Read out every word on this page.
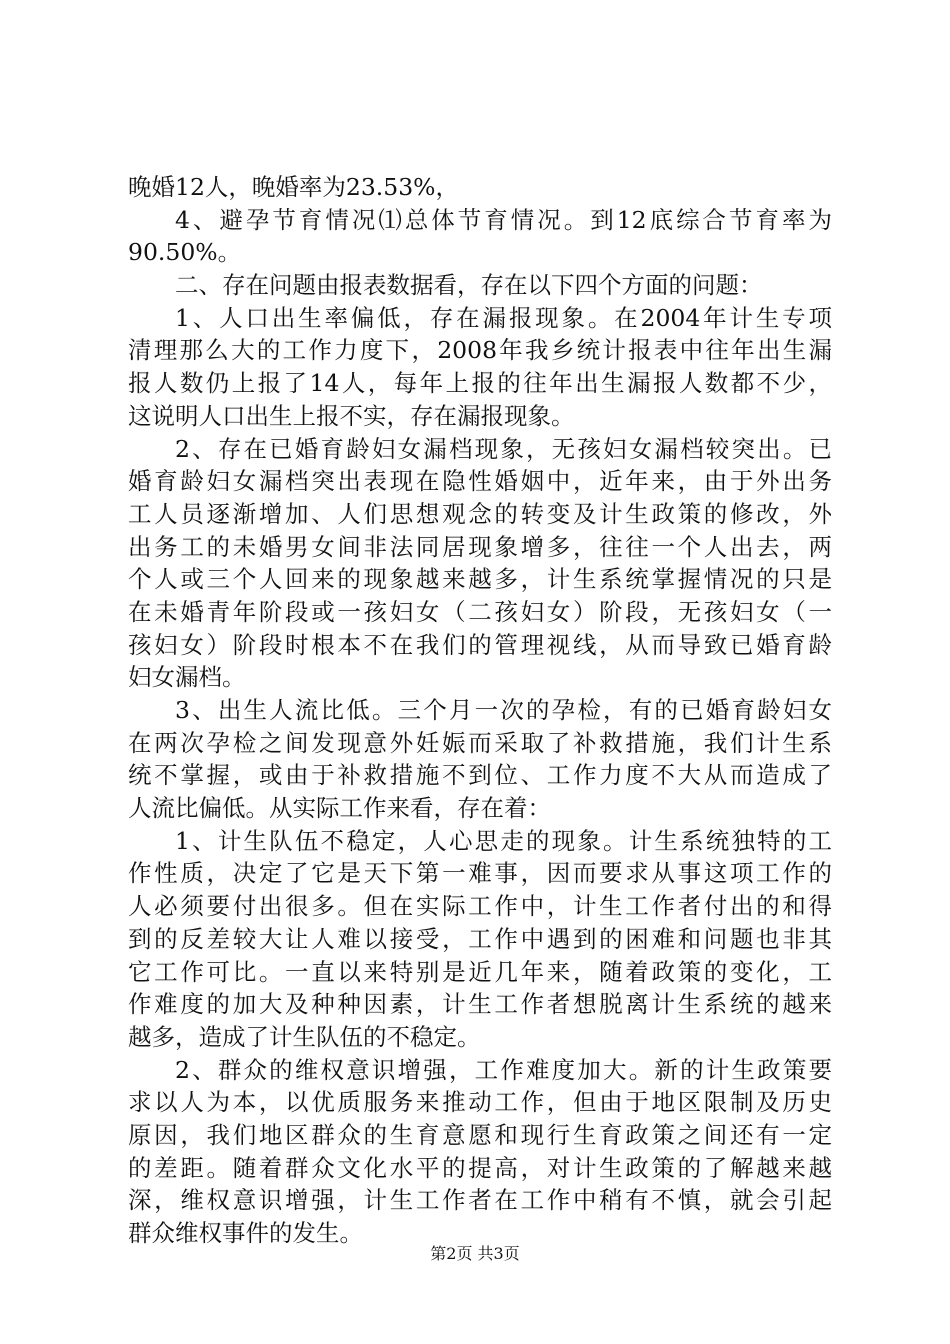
晚婚12人，晚婚率为23.53%，
4、避孕节育情况⑴总体节育情况。到12底综合节育率为
90.50%。
二、存在问题由报表数据看，存在以下四个方面的问题：
1、人口出生率偏低，存在漏报现象。在2004年计生专项
清理那么大的工作力度下，2008年我乡统计报表中往年出生漏
报人数仍上报了14人，每年上报的往年出生漏报人数都不少，
这说明人口出生上报不实，存在漏报现象。
2、存在已婚育龄妇女漏档现象，无孩妇女漏档较突出。已
婚育龄妇女漏档突出表现在隐性婚姻中，近年来，由于外出务
工人员逐渐增加、人们思想观念的转变及计生政策的修改，外
出务工的未婚男女间非法同居现象增多，往往一个人出去，两
个人或三个人回来的现象越来越多，计生系统掌握情况的只是
在未婚青年阶段或一孩妇女（二孩妇女）阶段，无孩妇女（一
孩妇女）阶段时根本不在我们的管理视线，从而导致已婚育龄
妇女漏档。
3、出生人流比低。三个月一次的孕检，有的已婚育龄妇女
在两次孕检之间发现意外妊娠而采取了补救措施，我们计生系
统不掌握，或由于补救措施不到位、工作力度不大从而造成了
人流比偏低。从实际工作来看，存在着：
1、计生队伍不稳定，人心思走的现象。计生系统独特的工
作性质，决定了它是天下第一难事，因而要求从事这项工作的
人必须要付出很多。但在实际工作中，计生工作者付出的和得
到的反差较大让人难以接受，工作中遇到的困难和问题也非其
它工作可比。一直以来特别是近几年来，随着政策的变化，工
作难度的加大及种种因素，计生工作者想脱离计生系统的越来
越多，造成了计生队伍的不稳定。
2、群众的维权意识增强，工作难度加大。新的计生政策要
求以人为本，以优质服务来推动工作，但由于地区限制及历史
原因，我们地区群众的生育意愿和现行生育政策之间还有一定
的差距。随着群众文化水平的提高，对计生政策的了解越来越
深，维权意识增强，计生工作者在工作中稍有不慎，就会引起
群众维权事件的发生。
第2页 共3页
